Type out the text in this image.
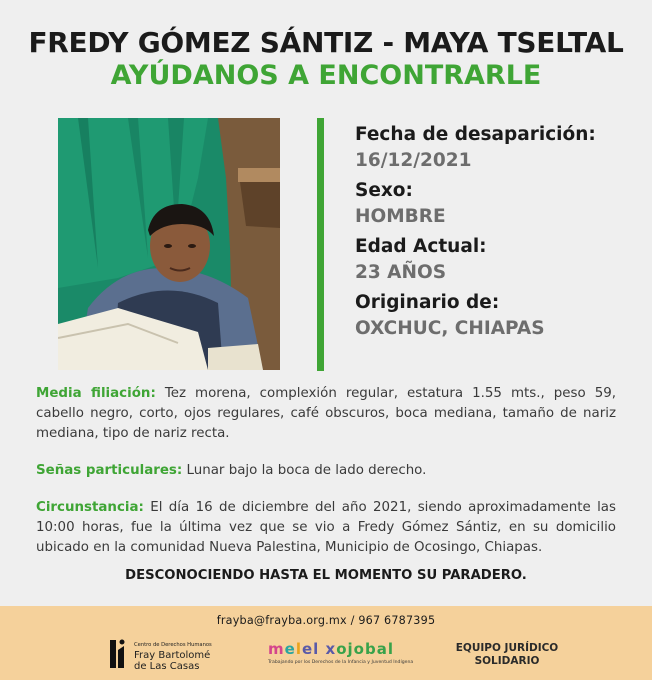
FREDY GÓMEZ SÁNTIZ - MAYA TSELTAL
AYÚDANOS A ENCONTRARLE
Fecha de desaparición:
16/12/2021
Sexo:
HOMBRE
Edad Actual:
23 AÑOS
Originario de:
OXCHUC, CHIAPAS
Media filiación: Tez morena, complexión regular, estatura 1.55 mts., peso 59, cabello negro, corto, ojos regulares, café obscuros, boca mediana, tamaño de nariz mediana, tipo de nariz recta.
Señas particulares: Lunar bajo la boca de lado derecho.
Circunstancia: El día 16 de diciembre del año 2021, siendo aproximadamente las 10:00 horas, fue la última vez que se vio a Fredy Gómez Sántiz, en su domicilio ubicado en la comunidad Nueva Palestina, Municipio de Ocosingo, Chiapas.
DESCONOCIENDO HASTA EL MOMENTO SU PARADERO.
frayba@frayba.org.mx / 967 6787395
Centro de Derechos Humanos
Fray Bartolomé
de Las Casas
melel xojobal
Trabajando por los Derechos de la Infancia y Juventud Indígena
EQUIPO JURÍDICO
SOLIDARIO
